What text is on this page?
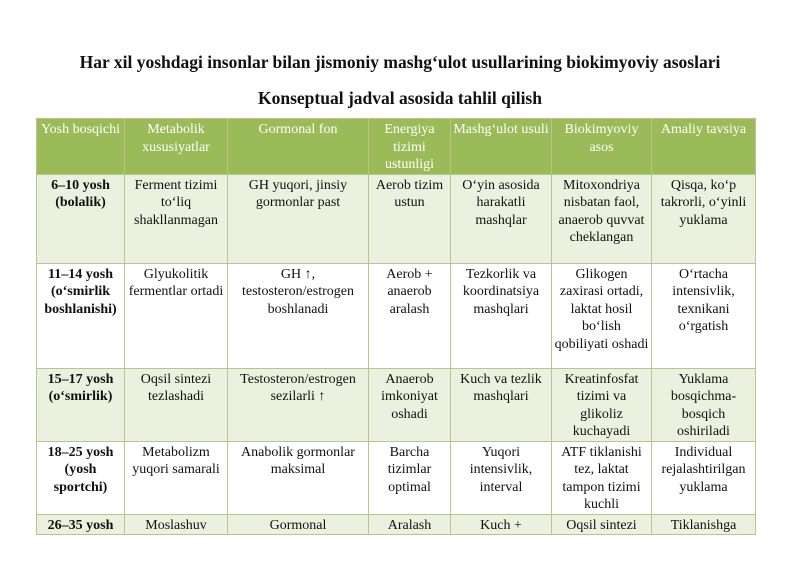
Har xil yoshdagi insonlar bilan jismoniy mashg‘ulot usullarining biokimyoviy asoslari
Konseptual jadval asosida tahlil qilish
Yosh bosqichi	Metabolik xususiyatlar	Gormonal fon	Energiya tizimi ustunligi	Mashg‘ulot usuli	Biokimyoviy asos	Amaliy tavsiya
6–10 yosh (bolalik)	Ferment tizimi to‘liq shakllanmagan	GH yuqori, jinsiy gormonlar past	Aerob tizim ustun	O‘yin asosida harakatli mashqlar	Mitoxondriya nisbatan faol, anaerob quvvat cheklangan	Qisqa, ko‘p takrorli, o‘yinli yuklama
11–14 yosh (o‘smirlik boshlanishi)	Glyukolitik fermentlar ortadi	GH ↑, testosteron/estrogen boshlanadi	Aerob + anaerob aralash	Tezkorlik va koordinatsiya mashqlari	Glikogen zaxirasi ortadi, laktat hosil bo‘lish qobiliyati oshadi	O‘rtacha intensivlik, texnikani o‘rgatish
15–17 yosh (o‘smirlik)	Oqsil sintezi tezlashadi	Testosteron/estrogen sezilarli ↑	Anaerob imkoniyat oshadi	Kuch va tezlik mashqlari	Kreatinfosfat tizimi va glikoliz kuchayadi	Yuklama bosqichma-bosqich oshiriladi
18–25 yosh (yosh sportchi)	Metabolizm yuqori samarali	Anabolik gormonlar maksimal	Barcha tizimlar optimal	Yuqori intensivlik, interval	ATF tiklanishi tez, laktat tampon tizimi kuchli	Individual rejalashtirilgan yuklama
26–35 yosh	Moslashuv	Gormonal	Aralash	Kuch +	Oqsil sintezi	Tiklanishga
